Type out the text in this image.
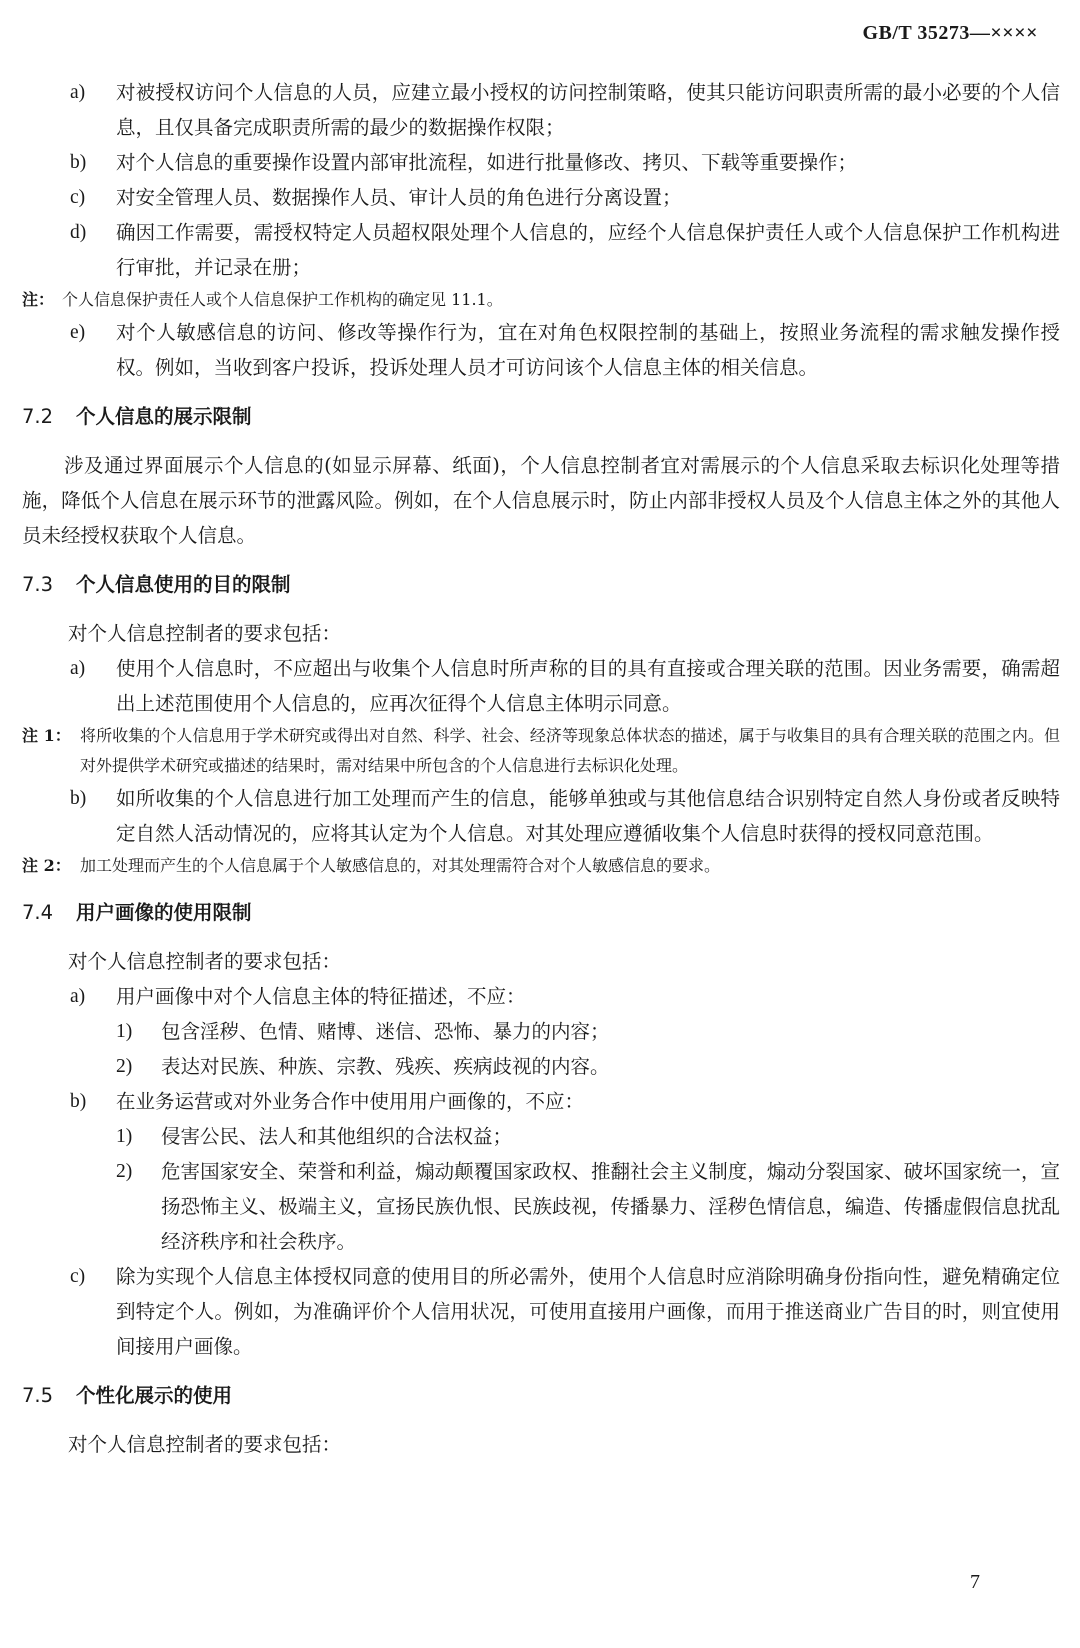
GB/T 35273—××××
a) 对被授权访问个人信息的人员，应建立最小授权的访问控制策略，使其只能访问职责所需的最小必要的个人信息，且仅具备完成职责所需的最少的数据操作权限；
b) 对个人信息的重要操作设置内部审批流程，如进行批量修改、拷贝、下载等重要操作；
c) 对安全管理人员、数据操作人员、审计人员的角色进行分离设置；
d) 确因工作需要，需授权特定人员超权限处理个人信息的，应经个人信息保护责任人或个人信息保护工作机构进行审批，并记录在册；
注： 个人信息保护责任人或个人信息保护工作机构的确定见 11.1。
e) 对个人敏感信息的访问、修改等操作行为，宜在对角色权限控制的基础上，按照业务流程的需求触发操作授权。例如，当收到客户投诉，投诉处理人员才可访问该个人信息主体的相关信息。
7.2 个人信息的展示限制
涉及通过界面展示个人信息的(如显示屏幕、纸面)，个人信息控制者宜对需展示的个人信息采取去标识化处理等措施，降低个人信息在展示环节的泄露风险。例如，在个人信息展示时，防止内部非授权人员及个人信息主体之外的其他人员未经授权获取个人信息。
7.3 个人信息使用的目的限制
对个人信息控制者的要求包括：
a) 使用个人信息时，不应超出与收集个人信息时所声称的目的具有直接或合理关联的范围。因业务需要，确需超出上述范围使用个人信息的，应再次征得个人信息主体明示同意。
注 1： 将所收集的个人信息用于学术研究或得出对自然、科学、社会、经济等现象总体状态的描述，属于与收集目的具有合理关联的范围之内。但对外提供学术研究或描述的结果时，需对结果中所包含的个人信息进行去标识化处理。
b) 如所收集的个人信息进行加工处理而产生的信息，能够单独或与其他信息结合识别特定自然人身份或者反映特定自然人活动情况的，应将其认定为个人信息。对其处理应遵循收集个人信息时获得的授权同意范围。
注 2： 加工处理而产生的个人信息属于个人敏感信息的，对其处理需符合对个人敏感信息的要求。
7.4 用户画像的使用限制
对个人信息控制者的要求包括：
a) 用户画像中对个人信息主体的特征描述，不应：
1) 包含淫秽、色情、赌博、迷信、恐怖、暴力的内容；
2) 表达对民族、种族、宗教、残疾、疾病歧视的内容。
b) 在业务运营或对外业务合作中使用用户画像的，不应：
1) 侵害公民、法人和其他组织的合法权益；
2) 危害国家安全、荣誉和利益，煽动颠覆国家政权、推翻社会主义制度，煽动分裂国家、破坏国家统一，宣扬恐怖主义、极端主义，宣扬民族仇恨、民族歧视，传播暴力、淫秽色情信息，编造、传播虚假信息扰乱经济秩序和社会秩序。
c) 除为实现个人信息主体授权同意的使用目的所必需外，使用个人信息时应消除明确身份指向性，避免精确定位到特定个人。例如，为准确评价个人信用状况，可使用直接用户画像，而用于推送商业广告目的时，则宜使用间接用户画像。
7.5 个性化展示的使用
对个人信息控制者的要求包括：
7
